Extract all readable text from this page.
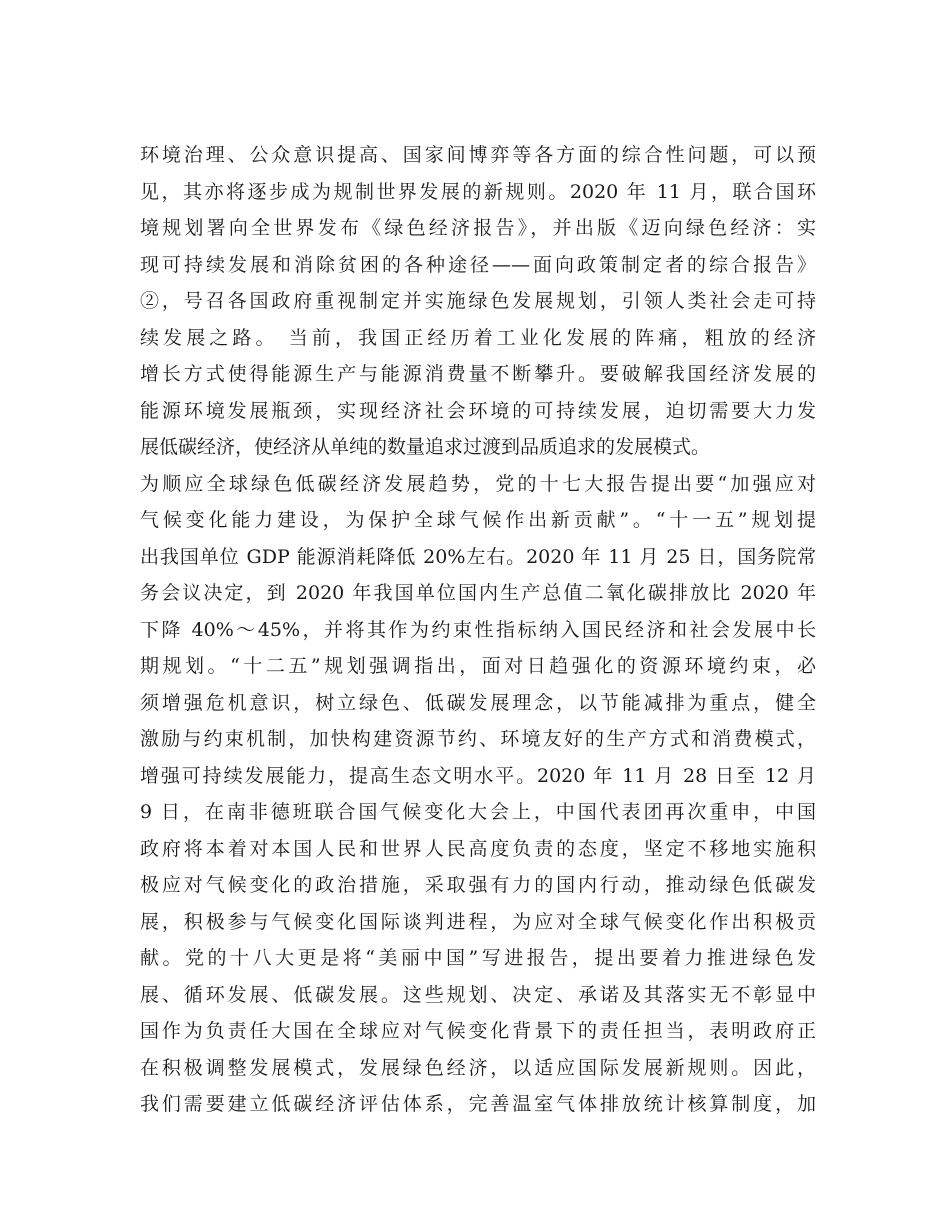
环境治理、公众意识提高、国家间博弈等各方面的综合性问题，可以预
见，其亦将逐步成为规制世界发展的新规则。2020 年 11 月，联合国环
境规划署向全世界发布《绿色经济报告》，并出版《迈向绿色经济：实
现可持续发展和消除贫困的各种途径——面向政策制定者的综合报告》
②，号召各国政府重视制定并实施绿色发展规划，引领人类社会走可持
续发展之路。 当前，我国正经历着工业化发展的阵痛，粗放的经济
增长方式使得能源生产与能源消费量不断攀升。要破解我国经济发展的
能源环境发展瓶颈，实现经济社会环境的可持续发展，迫切需要大力发
展低碳经济，使经济从单纯的数量追求过渡到品质追求的发展模式。
为顺应全球绿色低碳经济发展趋势，党的十七大报告提出要“加强应对
气候变化能力建设，为保护全球气候作出新贡献”。“十一五”规划提
出我国单位 GDP 能源消耗降低 20%左右。2020 年 11 月 25 日，国务院常
务会议决定，到 2020 年我国单位国内生产总值二氧化碳排放比 2020 年
下降 40%～45%，并将其作为约束性指标纳入国民经济和社会发展中长
期规划。“十二五”规划强调指出，面对日趋强化的资源环境约束，必
须增强危机意识，树立绿色、低碳发展理念，以节能减排为重点，健全
激励与约束机制，加快构建资源节约、环境友好的生产方式和消费模式，
增强可持续发展能力，提高生态文明水平。2020 年 11 月 28 日至 12 月
9 日，在南非德班联合国气候变化大会上，中国代表团再次重申，中国
政府将本着对本国人民和世界人民高度负责的态度，坚定不移地实施积
极应对气候变化的政治措施，采取强有力的国内行动，推动绿色低碳发
展，积极参与气候变化国际谈判进程，为应对全球气候变化作出积极贡
献。党的十八大更是将“美丽中国”写进报告，提出要着力推进绿色发
展、循环发展、低碳发展。这些规划、决定、承诺及其落实无不彰显中
国作为负责任大国在全球应对气候变化背景下的责任担当，表明政府正
在积极调整发展模式，发展绿色经济，以适应国际发展新规则。因此，
我们需要建立低碳经济评估体系，完善温室气体排放统计核算制度，加
